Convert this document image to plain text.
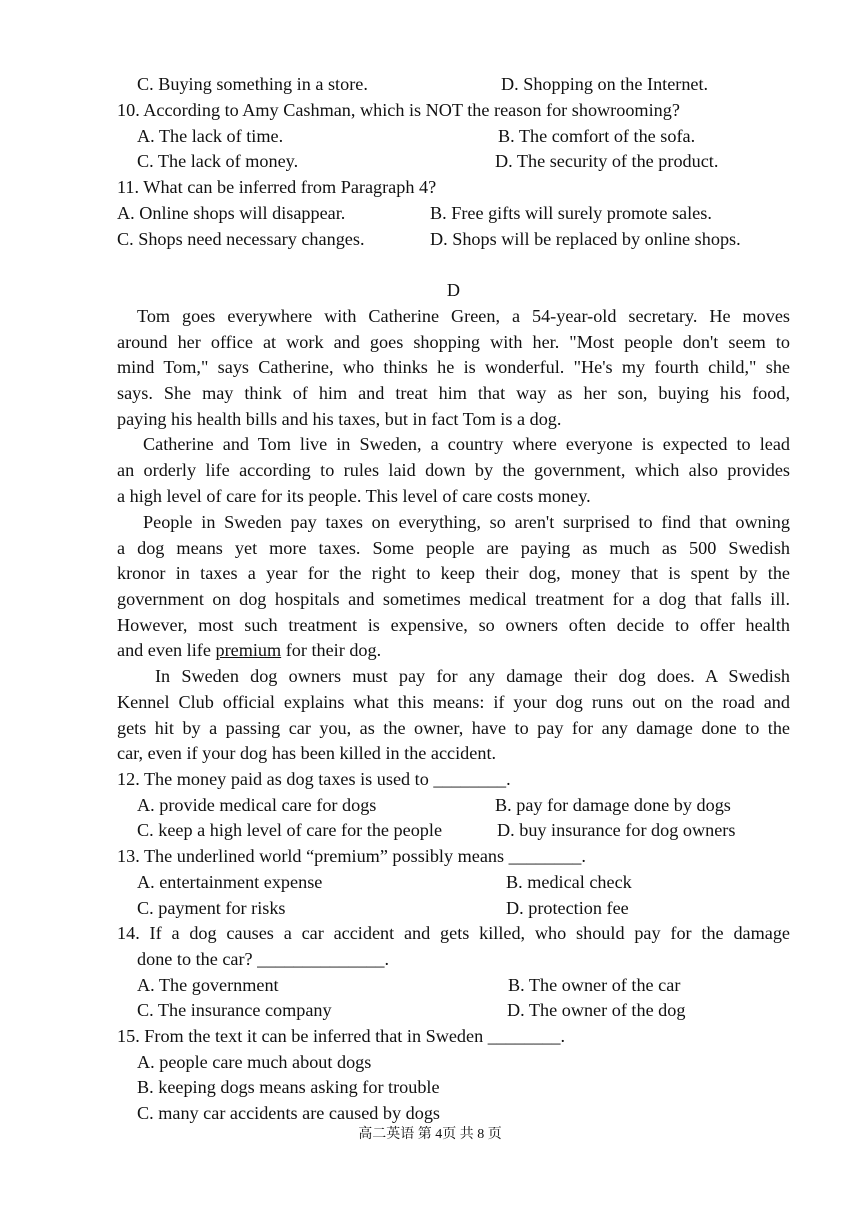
C. Buying something in a store.	D. Shopping on the Internet.
10. According to Amy Cashman, which is NOT the reason for showrooming?
A. The lack of time.	B. The comfort of the sofa.
C. The lack of money.	D. The security of the product.
11. What can be inferred from Paragraph 4?
A. Online shops will disappear.	B. Free gifts will surely promote sales.
C. Shops need necessary changes.	D. Shops will be replaced by online shops.
D
Tom goes everywhere with Catherine Green, a 54-year-old secretary. He moves
around her office at work and goes shopping with her. "Most people don't seem to
mind Tom," says Catherine, who thinks he is wonderful. "He's my fourth child," she
says. She may think of him and treat him that way as her son, buying his food,
paying his health bills and his taxes, but in fact Tom is a dog.
Catherine and Tom live in Sweden, a country where everyone is expected to lead
an orderly life according to rules laid down by the government, which also provides
a high level of care for its people. This level of care costs money.
People in Sweden pay taxes on everything, so aren't surprised to find that owning
a dog means yet more taxes. Some people are paying as much as 500 Swedish
kronor in taxes a year for the right to keep their dog, money that is spent by the
government on dog hospitals and sometimes medical treatment for a dog that falls ill.
However, most such treatment is expensive, so owners often decide to offer health
and even life premium for their dog.
In Sweden dog owners must pay for any damage their dog does. A Swedish
Kennel Club official explains what this means: if your dog runs out on the road and
gets hit by a passing car you, as the owner, have to pay for any damage done to the
car, even if your dog has been killed in the accident.
12. The money paid as dog taxes is used to ________.
A. provide medical care for dogs	B. pay for damage done by dogs
C. keep a high level of care for the people	D. buy insurance for dog owners
13. The underlined world “premium” possibly means ________.
A. entertainment expense	B. medical check
C. payment for risks	D. protection fee
14. If a dog causes a car accident and gets killed, who should pay for the damage
done to the car? ______________.
A. The government	B. The owner of the car
C. The insurance company	D. The owner of the dog
15. From the text it can be inferred that in Sweden ________.
A. people care much about dogs
B. keeping dogs means asking for trouble
C. many car accidents are caused by dogs
高二英语 第 4页 共 8 页
